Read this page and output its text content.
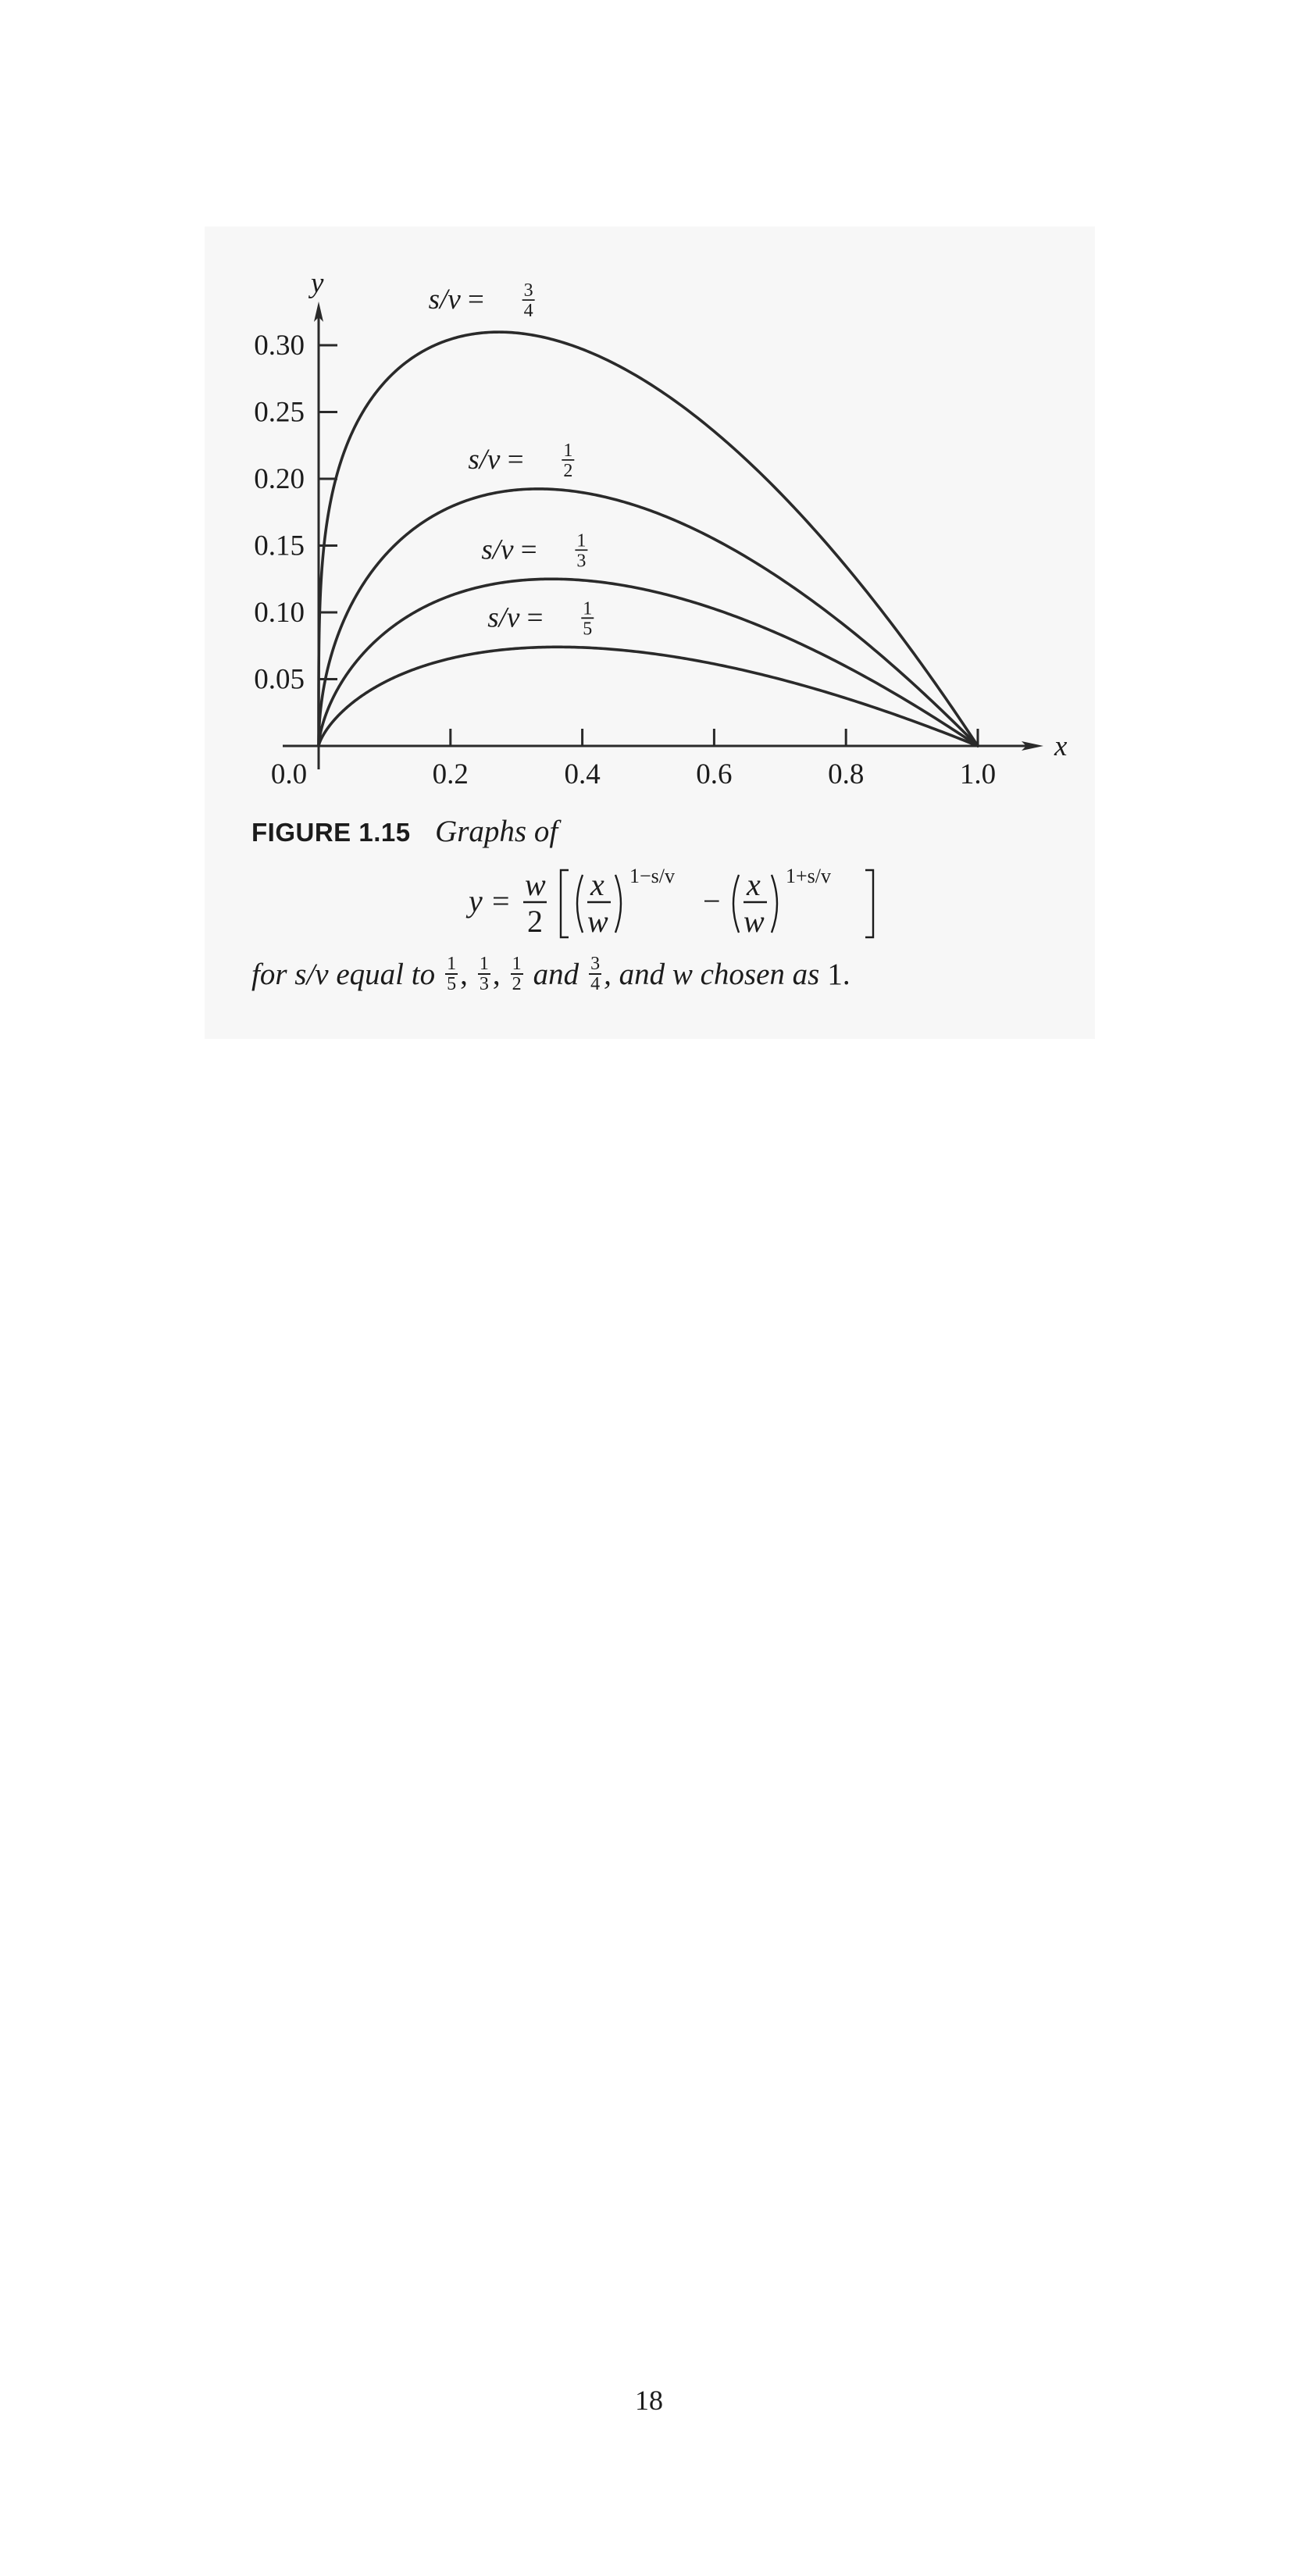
x
y
0.0	0.2	0.4	0.6	0.8	1.0
0.05
0.10
0.15
0.20
0.25
0.30
s/v = 3
4
s/v = 1
2
s/v = 1
3
s/v = 1
5
FIGURE 1.15 Graphs of
y = w
2
x
w
1−s/v
− x
w
1+s/v
for s/v equal to $\frac{1}{5}$ , $\frac{1}{3}$ , $\frac{1}{2}$ and $\frac{3}{4}$ , and w chosen as 1.
18
